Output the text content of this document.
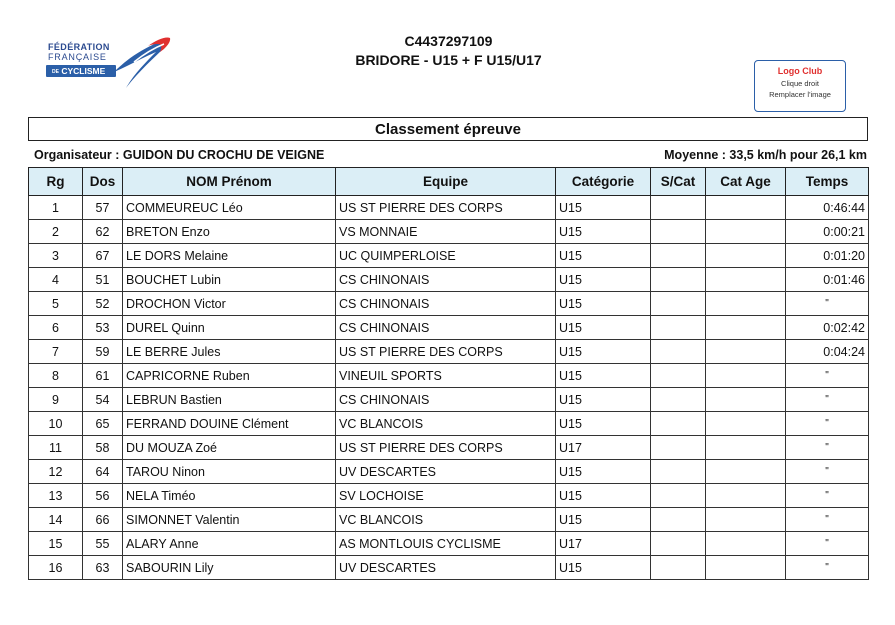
FÉDÉRATION
FRANÇAISE
DE CYCLISME
C4437297109
BRIDORE - U15 + F U15/U17
Logo Club
Clique droit
Remplacer l'image
Classement épreuve
Organisateur : GUIDON DU CROCHU DE VEIGNE	Moyenne : 33,5 km/h pour 26,1 km
Rg	Dos	NOM Prénom	Equipe	Catégorie	S/Cat	Cat Age	Temps
1	57	COMMEUREUC Léo	US ST PIERRE DES CORPS	U15			0:46:44
2	62	BRETON Enzo	VS MONNAIE	U15			0:00:21
3	67	LE DORS Melaine	UC QUIMPERLOISE	U15			0:01:20
4	51	BOUCHET Lubin	CS CHINONAIS	U15			0:01:46
5	52	DROCHON Victor	CS CHINONAIS	U15			"
6	53	DUREL Quinn	CS CHINONAIS	U15			0:02:42
7	59	LE BERRE Jules	US ST PIERRE DES CORPS	U15			0:04:24
8	61	CAPRICORNE Ruben	VINEUIL SPORTS	U15			"
9	54	LEBRUN Bastien	CS CHINONAIS	U15			"
10	65	FERRAND DOUINE Clément	VC BLANCOIS	U15			"
11	58	DU MOUZA Zoé	US ST PIERRE DES CORPS	U17			"
12	64	TAROU Ninon	UV DESCARTES	U15			"
13	56	NELA Timéo	SV LOCHOISE	U15			"
14	66	SIMONNET Valentin	VC BLANCOIS	U15			"
15	55	ALARY Anne	AS MONTLOUIS CYCLISME	U17			"
16	63	SABOURIN Lily	UV DESCARTES	U15			"
